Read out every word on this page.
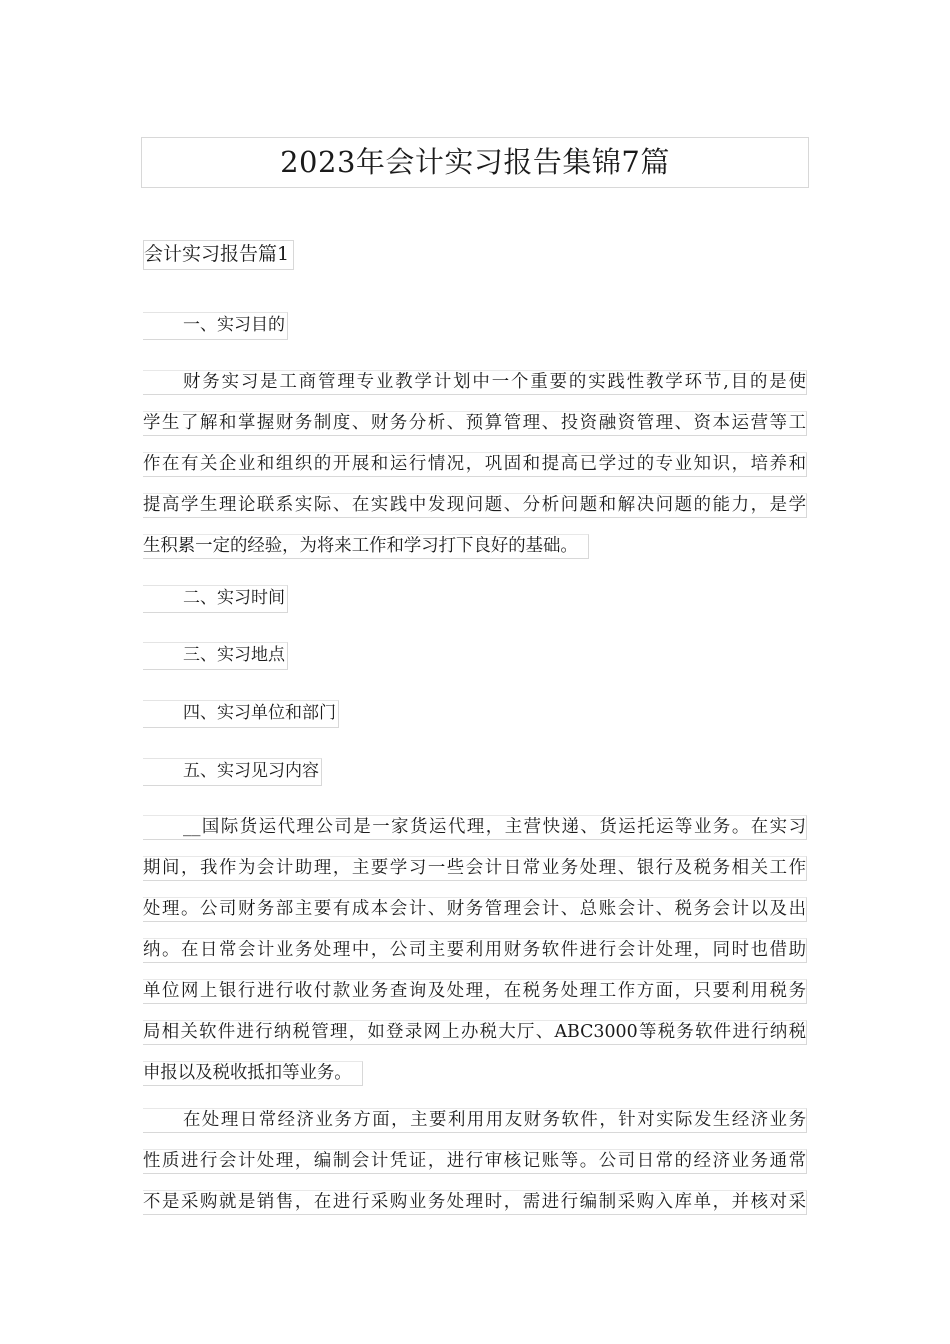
2023年会计实习报告集锦7篇
会计实习报告篇1
一、实习目的
财务实习是工商管理专业教学计划中一个重要的实践性教学环节,目的是使
学生了解和掌握财务制度、财务分析、预算管理、投资融资管理、资本运营等工
作在有关企业和组织的开展和运行情况，巩固和提高已学过的专业知识，培养和
提高学生理论联系实际、在实践中发现问题、分析问题和解决问题的能力，是学
生积累一定的经验，为将来工作和学习打下良好的基础。
二、实习时间
三、实习地点
四、实习单位和部门
五、实习见习内容
__国际货运代理公司是一家货运代理，主营快递、货运托运等业务。在实习
期间，我作为会计助理，主要学习一些会计日常业务处理、银行及税务相关工作
处理。公司财务部主要有成本会计、财务管理会计、总账会计、税务会计以及出
纳。在日常会计业务处理中，公司主要利用财务软件进行会计处理，同时也借助
单位网上银行进行收付款业务查询及处理，在税务处理工作方面，只要利用税务
局相关软件进行纳税管理，如登录网上办税大厅、ABC3000等税务软件进行纳税
申报以及税收抵扣等业务。
在处理日常经济业务方面，主要利用用友财务软件，针对实际发生经济业务
性质进行会计处理，编制会计凭证，进行审核记账等。公司日常的经济业务通常
不是采购就是销售，在进行采购业务处理时，需进行编制采购入库单，并核对采
